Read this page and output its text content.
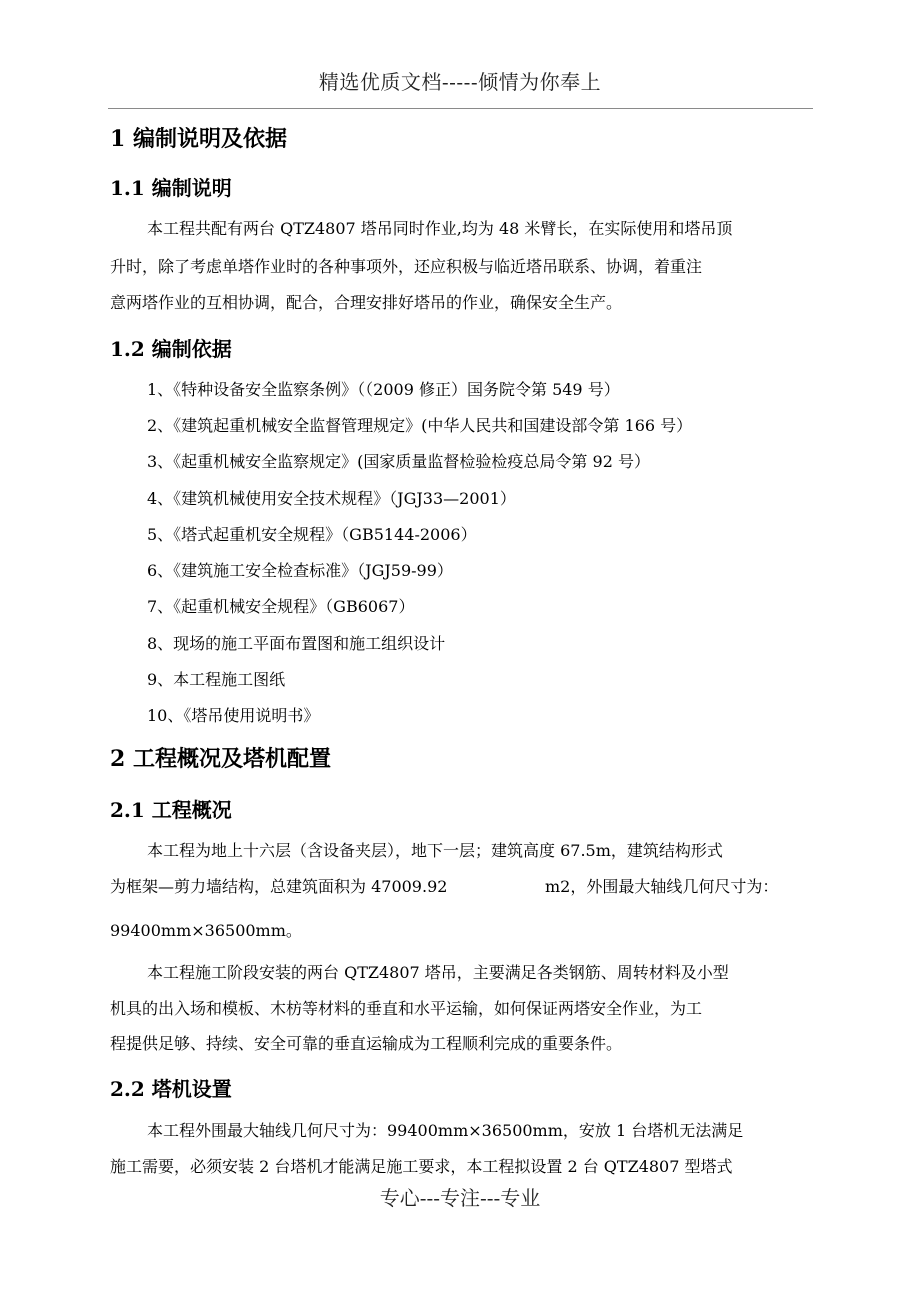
精选优质文档-----倾情为你奉上
1 编制说明及依据
1.1 编制说明
本工程共配有两台 QTZ4807 塔吊同时作业,均为 48 米臂长，在实际使用和塔吊顶
升时，除了考虑单塔作业时的各种事项外，还应积极与临近塔吊联系、协调，着重注
意两塔作业的互相协调，配合，合理安排好塔吊的作业，确保安全生产。
1.2 编制依据
1、《特种设备安全监察条例》（（2009 修正）国务院令第 549 号）
2、《建筑起重机械安全监督管理规定》(中华人民共和国建设部令第 166 号）
3、《起重机械安全监察规定》(国家质量监督检验检疫总局令第 92 号）
4、《建筑机械使用安全技术规程》（JGJ33—2001）
5、《塔式起重机安全规程》（GB5144-2006）
6、《建筑施工安全检查标准》（JGJ59-99）
7、《起重机械安全规程》（GB6067）
8、现场的施工平面布置图和施工组织设计
9、本工程施工图纸
10、《塔吊使用说明书》
2 工程概况及塔机配置
2.1 工程概况
本工程为地上十六层（含设备夹层），地下一层；建筑高度 67.5m，建筑结构形式
为框架—剪力墙结构，总建筑面积为 47009.92	m2，外围最大轴线几何尺寸为：
99400mm×36500mm。
本工程施工阶段安装的两台 QTZ4807 塔吊，主要满足各类钢筋、周转材料及小型
机具的出入场和模板、木枋等材料的垂直和水平运输，如何保证两塔安全作业，为工
程提供足够、持续、安全可靠的垂直运输成为工程顺利完成的重要条件。
2.2 塔机设置
本工程外围最大轴线几何尺寸为：99400mm×36500mm，安放 1 台塔机无法满足
施工需要，必须安装 2 台塔机才能满足施工要求，本工程拟设置 2 台 QTZ4807 型塔式
专心---专注---专业
